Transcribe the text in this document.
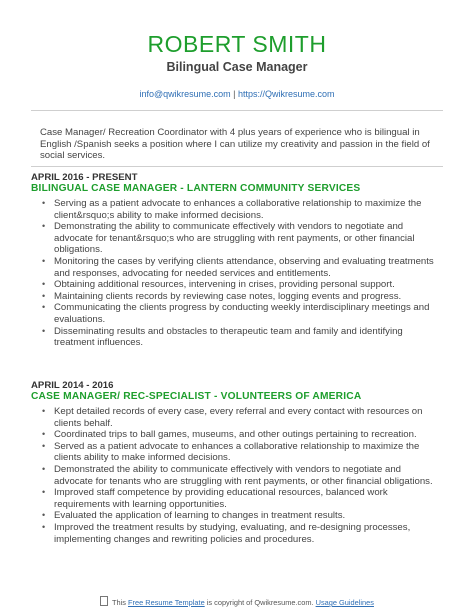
ROBERT SMITH
Bilingual Case Manager
info@qwikresume.com | https://Qwikresume.com
Case Manager/ Recreation Coordinator with 4 plus years of experience who is bilingual in English /Spanish seeks a position where I can utilize my creativity and passion in the field of social services.
APRIL 2016 - PRESENT
BILINGUAL CASE MANAGER - LANTERN COMMUNITY SERVICES
• Serving as a patient advocate to enhances a collaborative relationship to maximize the client&rsquo;s ability to make informed decisions.
• Demonstrating the ability to communicate effectively with vendors to negotiate and advocate for tenant&rsquo;s who are struggling with rent payments, or other financial obligations.
• Monitoring the cases by verifying clients attendance, observing and evaluating treatments and responses, advocating for needed services and entitlements.
• Obtaining additional resources, intervening in crises, providing personal support.
• Maintaining clients records by reviewing case notes, logging events and progress.
• Communicating the clients progress by conducting weekly interdisciplinary meetings and evaluations.
• Disseminating results and obstacles to therapeutic team and family and identifying treatment influences.
APRIL 2014 - 2016
CASE MANAGER/ REC-SPECIALIST - VOLUNTEERS OF AMERICA
• Kept detailed records of every case, every referral and every contact with resources on clients behalf.
• Coordinated trips to ball games, museums, and other outings pertaining to recreation.
• Served as a patient advocate to enhances a collaborative relationship to maximize the clients ability to make informed decisions.
• Demonstrated the ability to communicate effectively with vendors to negotiate and advocate for tenants who are struggling with rent payments, or other financial obligations.
• Improved staff competence by providing educational resources, balanced work requirements with learning opportunities.
• Evaluated the application of learning to changes in treatment results.
• Improved the treatment results by studying, evaluating, and re-designing processes, implementing changes and rewriting policies and procedures.
This Free Resume Template is copyright of Qwikresume.com. Usage Guidelines
